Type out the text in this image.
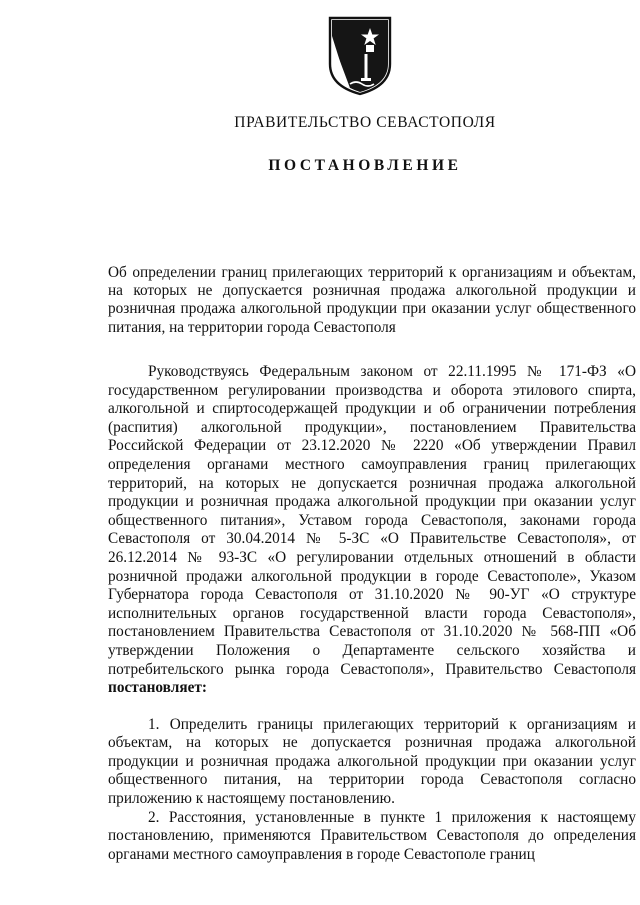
ПРАВИТЕЛЬСТВО СЕВАСТОПОЛЯ
ПОСТАНОВЛЕНИЕ
Об определении границ прилегающих территорий к организациям и объектам, на которых не допускается розничная продажа алкогольной продукции и розничная продажа алкогольной продукции при оказании услуг общественного питания, на территории города Севастополя

Руководствуясь Федеральным законом от 22.11.1995 № 171-ФЗ «О государственном регулировании производства и оборота этилового спирта, алкогольной и спиртосодержащей продукции и об ограничении потребления (распития) алкогольной продукции», постановлением Правительства Российской Федерации от 23.12.2020 № 2220 «Об утверждении Правил определения органами местного самоуправления границ прилегающих территорий, на которых не допускается розничная продажа алкогольной продукции и розничная продажа алкогольной продукции при оказании услуг общественного питания», Уставом города Севастополя, законами города Севастополя от 30.04.2014 № 5-ЗС «О Правительстве Севастополя», от 26.12.2014 № 93-ЗС «О регулировании отдельных отношений в области розничной продажи алкогольной продукции в городе Севастополе», Указом Губернатора города Севастополя от 31.10.2020 № 90-УГ «О структуре исполнительных органов государственной власти города Севастополя», постановлением Правительства Севастополя от 31.10.2020 № 568-ПП «Об утверждении Положения о Департаменте сельского хозяйства и потребительского рынка города Севастополя», Правительство Севастополя постановляет:

1. Определить границы прилегающих территорий к организациям и объектам, на которых не допускается розничная продажа алкогольной продукции и розничная продажа алкогольной продукции при оказании услуг общественного питания, на территории города Севастополя согласно приложению к настоящему постановлению.

2. Расстояния, установленные в пункте 1 приложения к настоящему постановлению, применяются Правительством Севастополя до определения органами местного самоуправления в городе Севастополе границ
